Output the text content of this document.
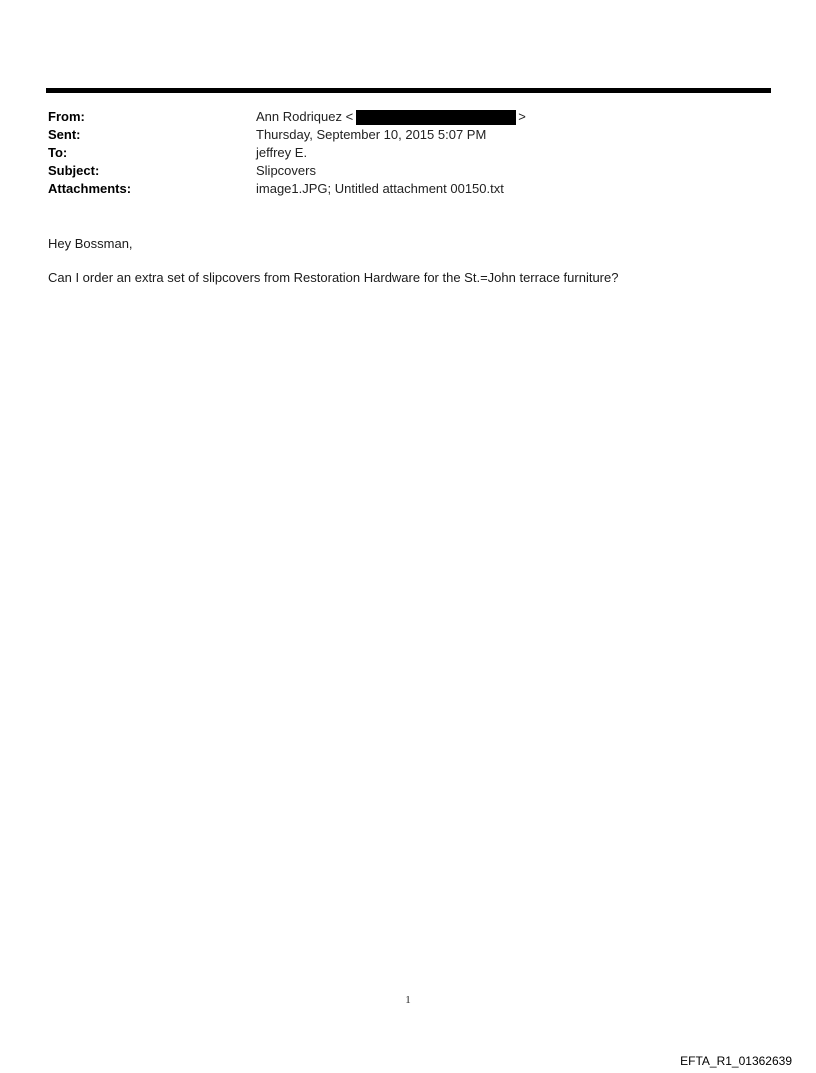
From:	Ann Rodriquez <	>
Sent:	Thursday, September 10, 2015 5:07 PM
To:	jeffrey E.
Subject:	Slipcovers
Attachments:	image1.JPG; Untitled attachment 00150.txt
Hey Bossman,
Can I order an extra set of slipcovers from Restoration Hardware for the St.=John terrace furniture?
1
EFTA_R1_01362639
